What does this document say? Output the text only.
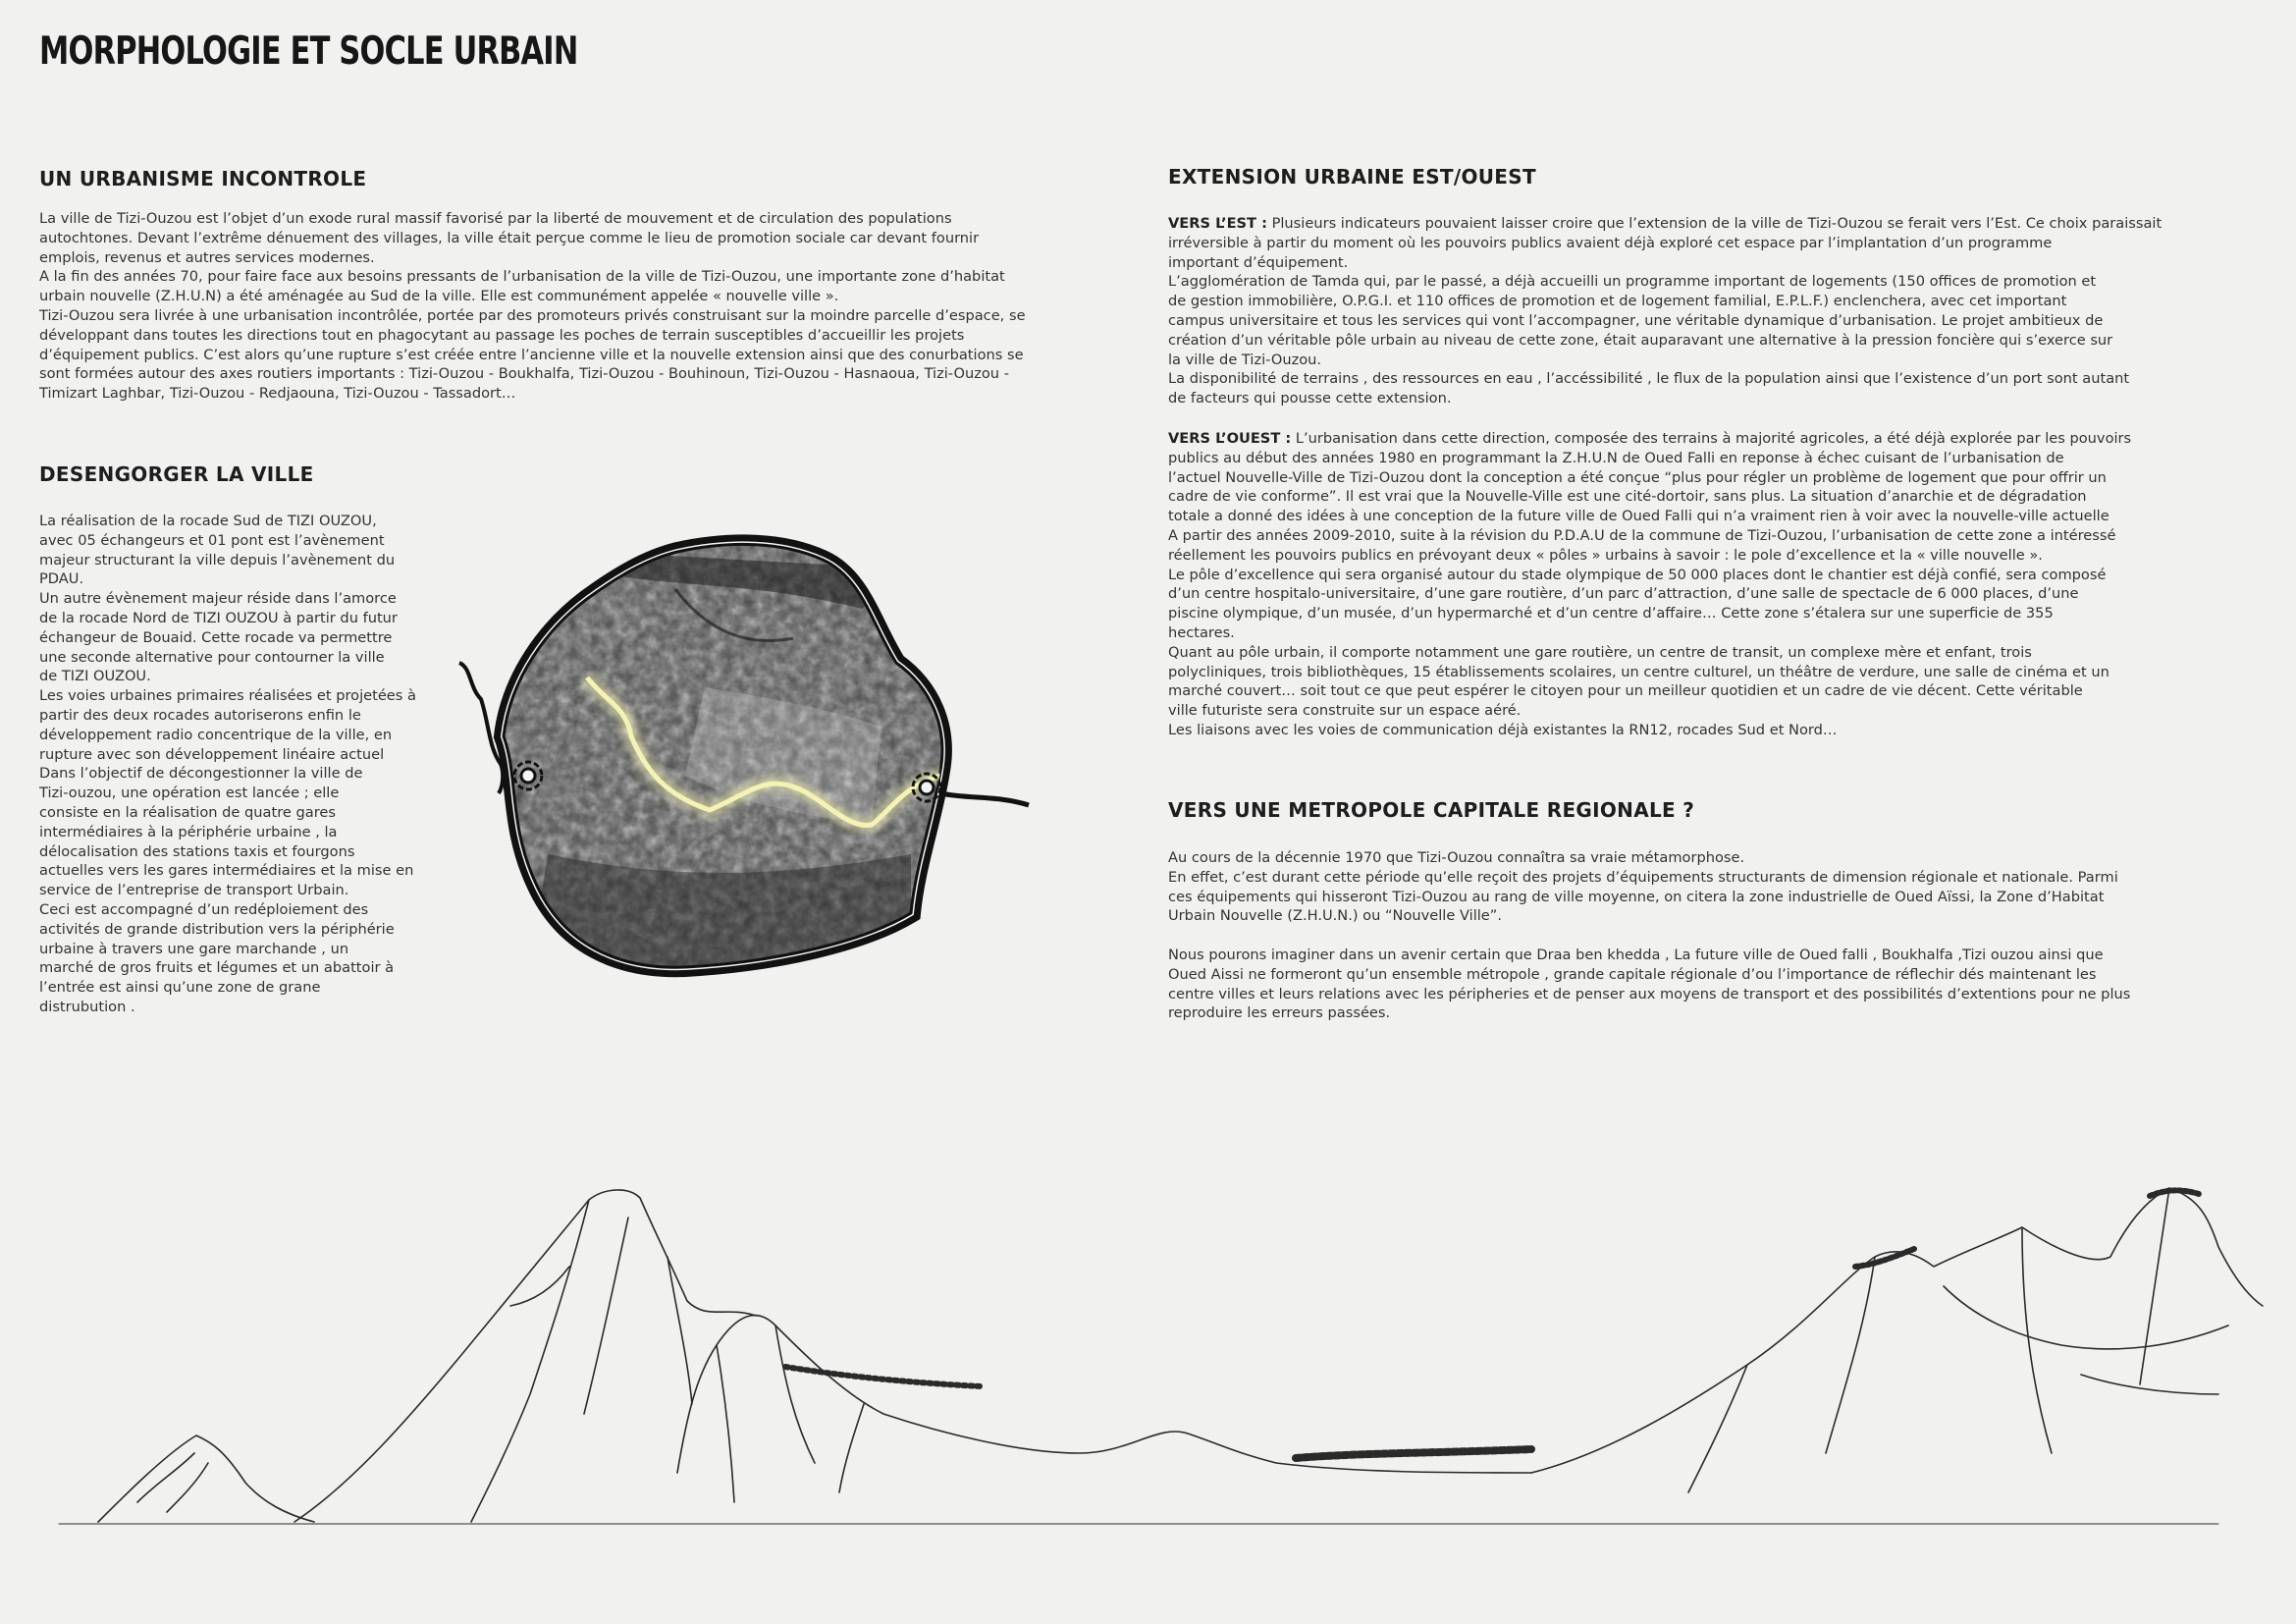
MORPHOLOGIE ET SOCLE URBAIN
UN URBANISME INCONTROLE

La ville de Tizi-Ouzou est l’objet d’un exode rural massif favorisé par la liberté de mouvement et de circulation des populations
autochtones. Devant l’extrême dénuement des villages, la ville était perçue comme le lieu de promotion sociale car devant fournir
emplois, revenus et autres services modernes.
A la fin des années 70, pour faire face aux besoins pressants de l’urbanisation de la ville de Tizi-Ouzou, une importante zone d’habitat
urbain nouvelle (Z.H.U.N) a été aménagée au Sud de la ville. Elle est communément appelée « nouvelle ville ».
Tizi-Ouzou sera livrée à une urbanisation incontrôlée, portée par des promoteurs privés construisant sur la moindre parcelle d’espace, se
développant dans toutes les directions tout en phagocytant au passage les poches de terrain susceptibles d’accueillir les projets
d’équipement publics. C’est alors qu’une rupture s’est créée entre l’ancienne ville et la nouvelle extension ainsi que des conurbations se
sont formées autour des axes routiers importants : Tizi-Ouzou - Boukhalfa, Tizi-Ouzou - Bouhinoun, Tizi-Ouzou - Hasnaoua, Tizi-Ouzou -
Timizart Laghbar, Tizi-Ouzou - Redjaouna, Tizi-Ouzou - Tassadort…

DESENGORGER LA VILLE

La réalisation de la rocade Sud de TIZI OUZOU,
avec 05 échangeurs et 01 pont est l’avènement
majeur structurant la ville depuis l’avènement du
PDAU.
Un autre évènement majeur réside dans l’amorce
de la rocade Nord de TIZI OUZOU à partir du futur
échangeur de Bouaid. Cette rocade va permettre
une seconde alternative pour contourner la ville
de TIZI OUZOU.
Les voies urbaines primaires réalisées et projetées à
partir des deux rocades autoriserons enfin le
développement radio concentrique de la ville, en
rupture avec son développement linéaire actuel
Dans l’objectif de décongestionner la ville de
Tizi-ouzou, une opération est lancée ; elle
consiste en la réalisation de quatre gares
intermédiaires à la périphérie urbaine , la
délocalisation des stations taxis et fourgons
actuelles vers les gares intermédiaires et la mise en
service de l’entreprise de transport Urbain.
Ceci est accompagné d’un redéploiement des
activités de grande distribution vers la périphérie
urbaine à travers une gare marchande , un
marché de gros fruits et légumes et un abattoir à
l’entrée est ainsi qu’une zone de grane
distrubution .

EXTENSION URBAINE EST/OUEST

VERS L’EST : Plusieurs indicateurs pouvaient laisser croire que l’extension de la ville de Tizi-Ouzou se ferait vers l’Est. Ce choix paraissait
irréversible à partir du moment où les pouvoirs publics avaient déjà exploré cet espace par l’implantation d’un programme
important d’équipement.
L’agglomération de Tamda qui, par le passé, a déjà accueilli un programme important de logements (150 offices de promotion et
de gestion immobilière, O.P.G.I. et 110 offices de promotion et de logement familial, E.P.L.F.) enclenchera, avec cet important
campus universitaire et tous les services qui vont l’accompagner, une véritable dynamique d’urbanisation. Le projet ambitieux de
création d’un véritable pôle urbain au niveau de cette zone, était auparavant une alternative à la pression foncière qui s’exerce sur
la ville de Tizi-Ouzou.
La disponibilité de terrains , des ressources en eau , l’accéssibilité , le flux de la population ainsi que l’existence d’un port sont autant
de facteurs qui pousse cette extension.

VERS L’OUEST : L’urbanisation dans cette direction, composée des terrains à majorité agricoles, a été déjà explorée par les pouvoirs
publics au début des années 1980 en programmant la Z.H.U.N de Oued Falli en reponse à échec cuisant de l’urbanisation de
l’actuel Nouvelle-Ville de Tizi-Ouzou dont la conception a été conçue “plus pour régler un problème de logement que pour offrir un
cadre de vie conforme”. Il est vrai que la Nouvelle-Ville est une cité-dortoir, sans plus. La situation d’anarchie et de dégradation
totale a donné des idées à une conception de la future ville de Oued Falli qui n’a vraiment rien à voir avec la nouvelle-ville actuelle
A partir des années 2009-2010, suite à la révision du P.D.A.U de la commune de Tizi-Ouzou, l’urbanisation de cette zone a intéressé
réellement les pouvoirs publics en prévoyant deux « pôles » urbains à savoir : le pole d’excellence et la « ville nouvelle ».
Le pôle d’excellence qui sera organisé autour du stade olympique de 50 000 places dont le chantier est déjà confié, sera composé
d’un centre hospitalo-universitaire, d’une gare routière, d’un parc d’attraction, d’une salle de spectacle de 6 000 places, d’une
piscine olympique, d’un musée, d’un hypermarché et d’un centre d’affaire… Cette zone s’étalera sur une superficie de 355
hectares.
Quant au pôle urbain, il comporte notamment une gare routière, un centre de transit, un complexe mère et enfant, trois
polycliniques, trois bibliothèques, 15 établissements scolaires, un centre culturel, un théâtre de verdure, une salle de cinéma et un
marché couvert… soit tout ce que peut espérer le citoyen pour un meilleur quotidien et un cadre de vie décent. Cette véritable
ville futuriste sera construite sur un espace aéré.
Les liaisons avec les voies de communication déjà existantes la RN12, rocades Sud et Nord…

VERS UNE METROPOLE CAPITALE REGIONALE ?

Au cours de la décennie 1970 que Tizi-Ouzou connaîtra sa vraie métamorphose.
En effet, c’est durant cette période qu’elle reçoit des projets d’équipements structurants de dimension régionale et nationale. Parmi
ces équipements qui hisseront Tizi-Ouzou au rang de ville moyenne, on citera la zone industrielle de Oued Aïssi, la Zone d’Habitat
Urbain Nouvelle (Z.H.U.N.) ou “Nouvelle Ville”.

Nous pourons imaginer dans un avenir certain que Draa ben khedda , La future ville de Oued falli , Boukhalfa ,Tizi ouzou ainsi que
Oued Aissi ne formeront qu’un ensemble métropole , grande capitale régionale d’ou l’importance de réflechir dés maintenant les
centre villes et leurs relations avec les péripheries et de penser aux moyens de transport et des possibilités d’extentions pour ne plus
reproduire les erreurs passées.
